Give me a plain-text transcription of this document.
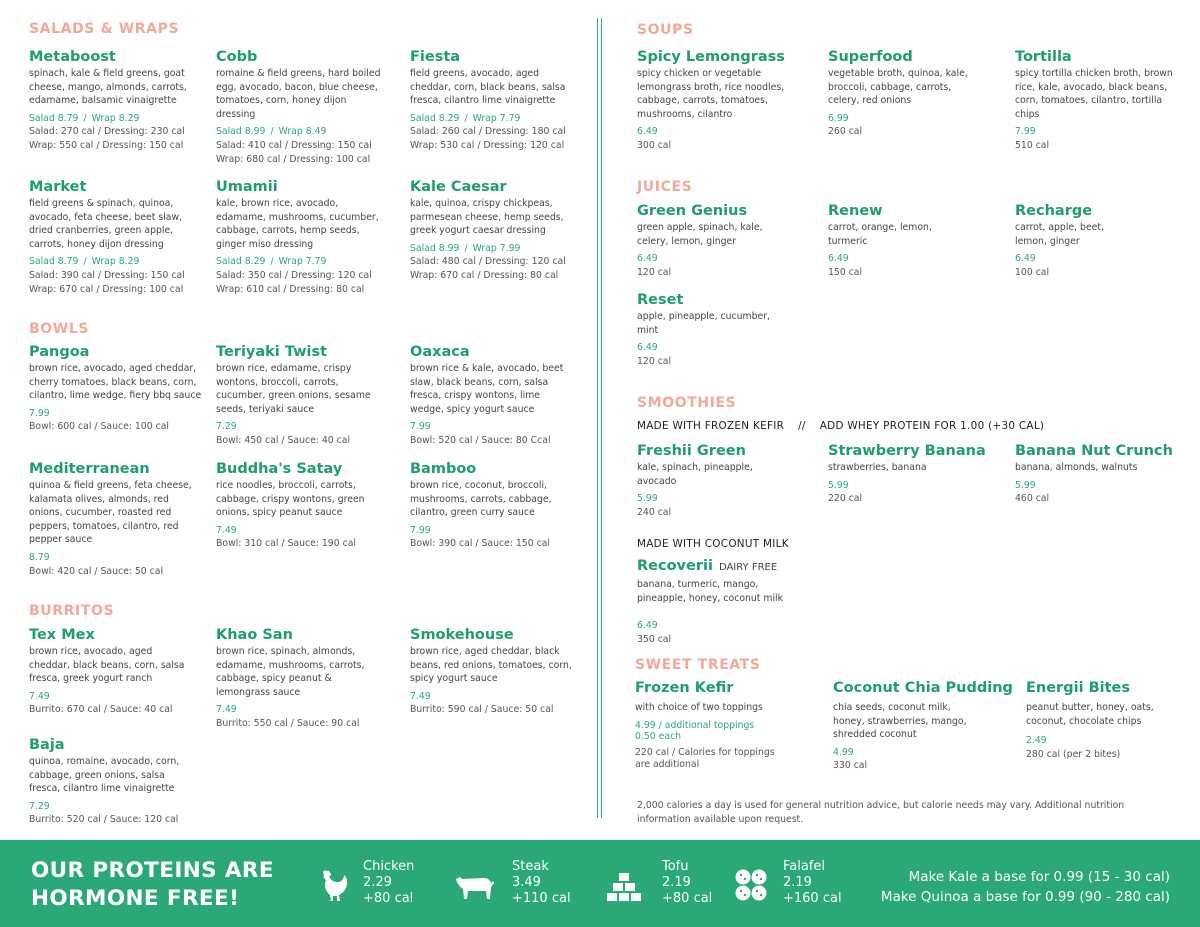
SALADS & WRAPS
Metaboost
spinach, kale & field greens, goat cheese, mango, almonds, carrots, edamame, balsamic vinaigrette
Salad 8.79 / Wrap 8.29
Salad: 270 cal / Dressing: 230 cal
Wrap: 550 cal / Dressing: 150 cal
Cobb
romaine & field greens, hard boiled egg, avocado, bacon, blue cheese, tomatoes, corn, honey dijon dressing
Salad 8.99 / Wrap 8.49
Salad: 410 cal / Dressing: 150 cal
Wrap: 680 cal / Dressing: 100 cal
Fiesta
field greens, avocado, aged cheddar, corn, black beans, salsa fresca, cilantro lime vinaigrette
Salad 8.29 / Wrap 7.79
Salad: 260 cal / Dressing: 180 cal
Wrap: 530 cal / Dressing: 120 cal
Market
field greens & spinach, quinoa, avocado, feta cheese, beet slaw, dried cranberries, green apple, carrots, honey dijon dressing
Salad 8.79 / Wrap 8.29
Salad: 390 cal / Dressing: 150 cal
Wrap: 670 cal / Dressing: 100 cal
Umamii
kale, brown rice, avocado, edamame, mushrooms, cucumber, cabbage, carrots, hemp seeds, ginger miso dressing
Salad 8.29 / Wrap 7.79
Salad: 350 cal / Dressing: 120 cal
Wrap: 610 cal / Dressing: 80 cal
Kale Caesar
kale, quinoa, crispy chickpeas, parmesean cheese, hemp seeds, greek yogurt caesar dressing
Salad 8.99 / Wrap 7.99
Salad: 480 cal / Dressing: 120 cal
Wrap: 670 cal / Dressing: 80 cal
BOWLS
Pangoa
brown rice, avocado, aged cheddar, cherry tomatoes, black beans, corn, cilantro, lime wedge, fiery bbq sauce
7.99
Bowl: 600 cal / Sauce: 100 cal
Teriyaki Twist
brown rice, edamame, crispy wontons, broccoli, carrots, cucumber, green onions, sesame seeds, teriyaki sauce
7.29
Bowl: 450 cal / Sauce: 40 cal
Oaxaca
brown rice & kale, avocado, beet slaw, black beans, corn, salsa fresca, crispy wontons, lime wedge, spicy yogurt sauce
7.99
Bowl: 520 cal / Sauce: 80 Ccal
Mediterranean
quinoa & field greens, feta cheese, kalamata olives, almonds, red onions, cucumber, roasted red peppers, tomatoes, cilantro, red pepper sauce
8.79
Bowl: 420 cal / Sauce: 50 cal
Buddha's Satay
rice noodles, broccoli, carrots, cabbage, crispy wontons, green onions, spicy peanut sauce
7.49
Bowl: 310 cal / Sauce: 190 cal
Bamboo
brown rice, coconut, broccoli, mushrooms, carrots, cabbage, cilantro, green curry sauce
7.99
Bowl: 390 cal / Sauce: 150 cal
BURRITOS
Tex Mex
brown rice, avocado, aged cheddar, black beans, corn, salsa fresca, greek yogurt ranch
7.49
Burrito: 670 cal / Sauce: 40 cal
Khao San
brown rice, spinach, almonds, edamame, mushrooms, carrots, cabbage, spicy peanut & lemongrass sauce
7.49
Burrito: 550 cal / Sauce: 90 cal
Smokehouse
brown rice, aged cheddar, black beans, red onions, tomatoes, corn, spicy yogurt sauce
7.49
Burrito: 590 cal / Sauce: 50 cal
Baja
quinoa, romaine, avocado, corn, cabbage, green onions, salsa fresca, cilantro lime vinaigrette
7.29
Burrito: 520 cal / Sauce: 120 cal
SOUPS
Spicy Lemongrass
spicy chicken or vegetable lemongrass broth, rice noodles, cabbage, carrots, tomatoes, mushrooms, cilantro
6.49
300 cal
Superfood
vegetable broth, quinoa, kale, broccoli, cabbage, carrots, celery, red onions
6.99
260 cal
Tortilla
spicy tortilla chicken broth, brown rice, kale, avocado, black beans, corn, tomatoes, cilantro, tortilla chips
7.99
510 cal
JUICES
Green Genius
green apple, spinach, kale, celery, lemon, ginger
6.49
120 cal
Renew
carrot, orange, lemon, turmeric
6.49
150 cal
Recharge
carrot, apple, beet, lemon, ginger
6.49
100 cal
Reset
apple, pineapple, cucumber, mint
6.49
120 cal
SMOOTHIES
MADE WITH FROZEN KEFIR // ADD WHEY PROTEIN FOR 1.00 (+30 CAL)
Freshii Green
kale, spinach, pineapple, avocado
5.99
240 cal
Strawberry Banana
strawberries, banana
5.99
220 cal
Banana Nut Crunch
banana, almonds, walnuts
5.99
460 cal
MADE WITH COCONUT MILK
Recoverii DAIRY FREE
banana, turmeric, mango, pineapple, honey, coconut milk
6.49
350 cal
SWEET TREATS
Frozen Kefir
with choice of two toppings
4.99 / additional toppings
0.50 each
220 cal / Calories for toppings
are additional
Coconut Chia Pudding
chia seeds, coconut milk, honey, strawberries, mango, shredded coconut
4.99
330 cal
Energii Bites
peanut butter, honey, oats, coconut, chocolate chips
2.49
280 cal (per 2 bites)
2,000 calories a day is used for general nutrition advice, but calorie needs may vary. Additional nutrition information available upon request.
OUR PROTEINS ARE
HORMONE FREE!
Chicken
2.29
+80 cal
Steak
3.49
+110 cal
Tofu
2.19
+80 cal
Falafel
2.19
+160 cal
Make Kale a base for 0.99 (15 - 30 cal)
Make Quinoa a base for 0.99 (90 - 280 cal)
